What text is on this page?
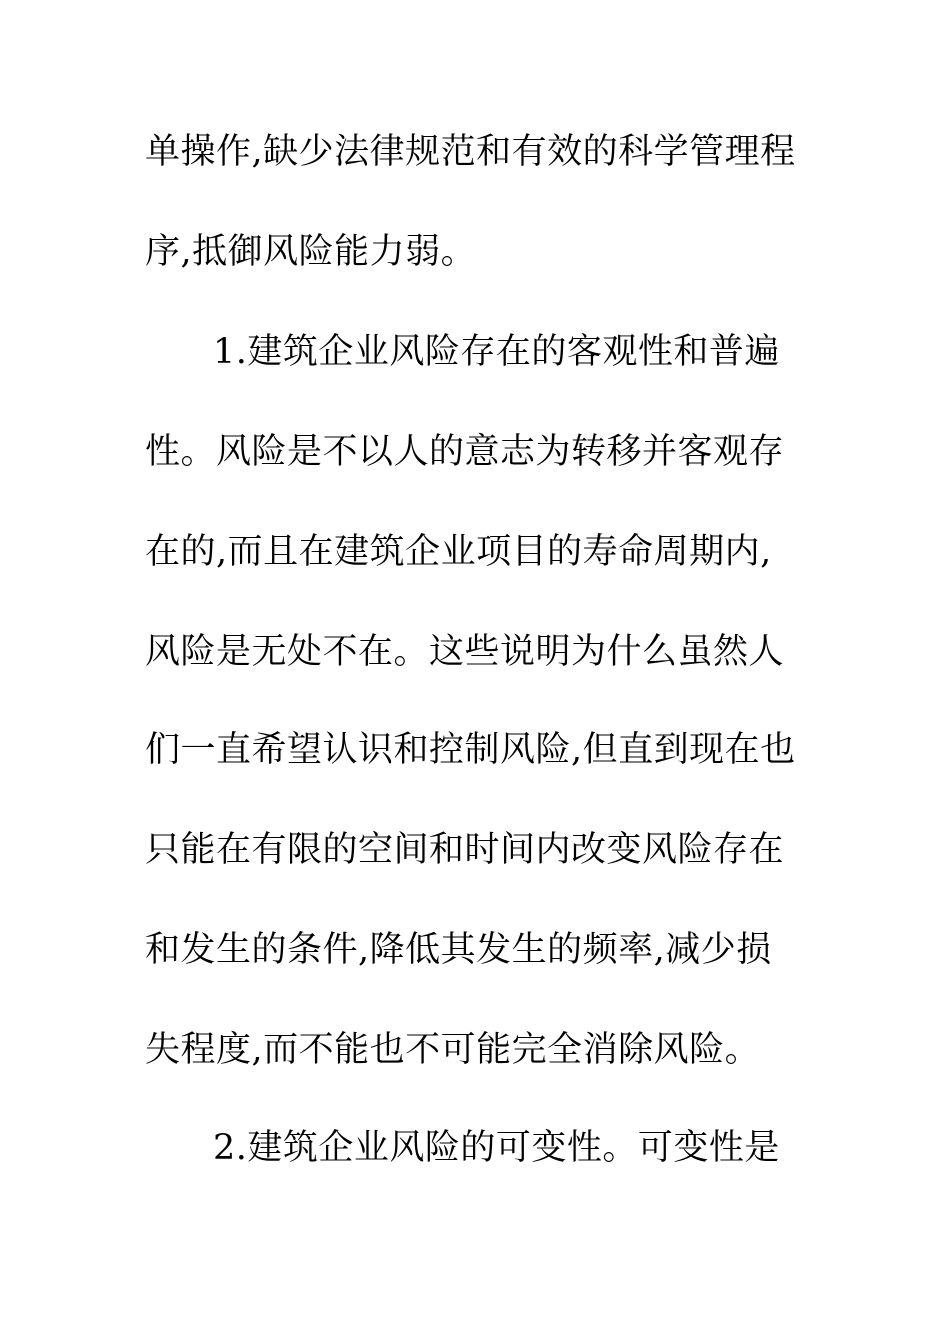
单操作,缺少法律规范和有效的科学管理程
序,抵御风险能力弱。
1.建筑企业风险存在的客观性和普遍
性。风险是不以人的意志为转移并客观存
在的,而且在建筑企业项目的寿命周期内,
风险是无处不在。这些说明为什么虽然人
们一直希望认识和控制风险,但直到现在也
只能在有限的空间和时间内改变风险存在
和发生的条件,降低其发生的频率,减少损
失程度,而不能也不可能完全消除风险。
2.建筑企业风险的可变性。可变性是
